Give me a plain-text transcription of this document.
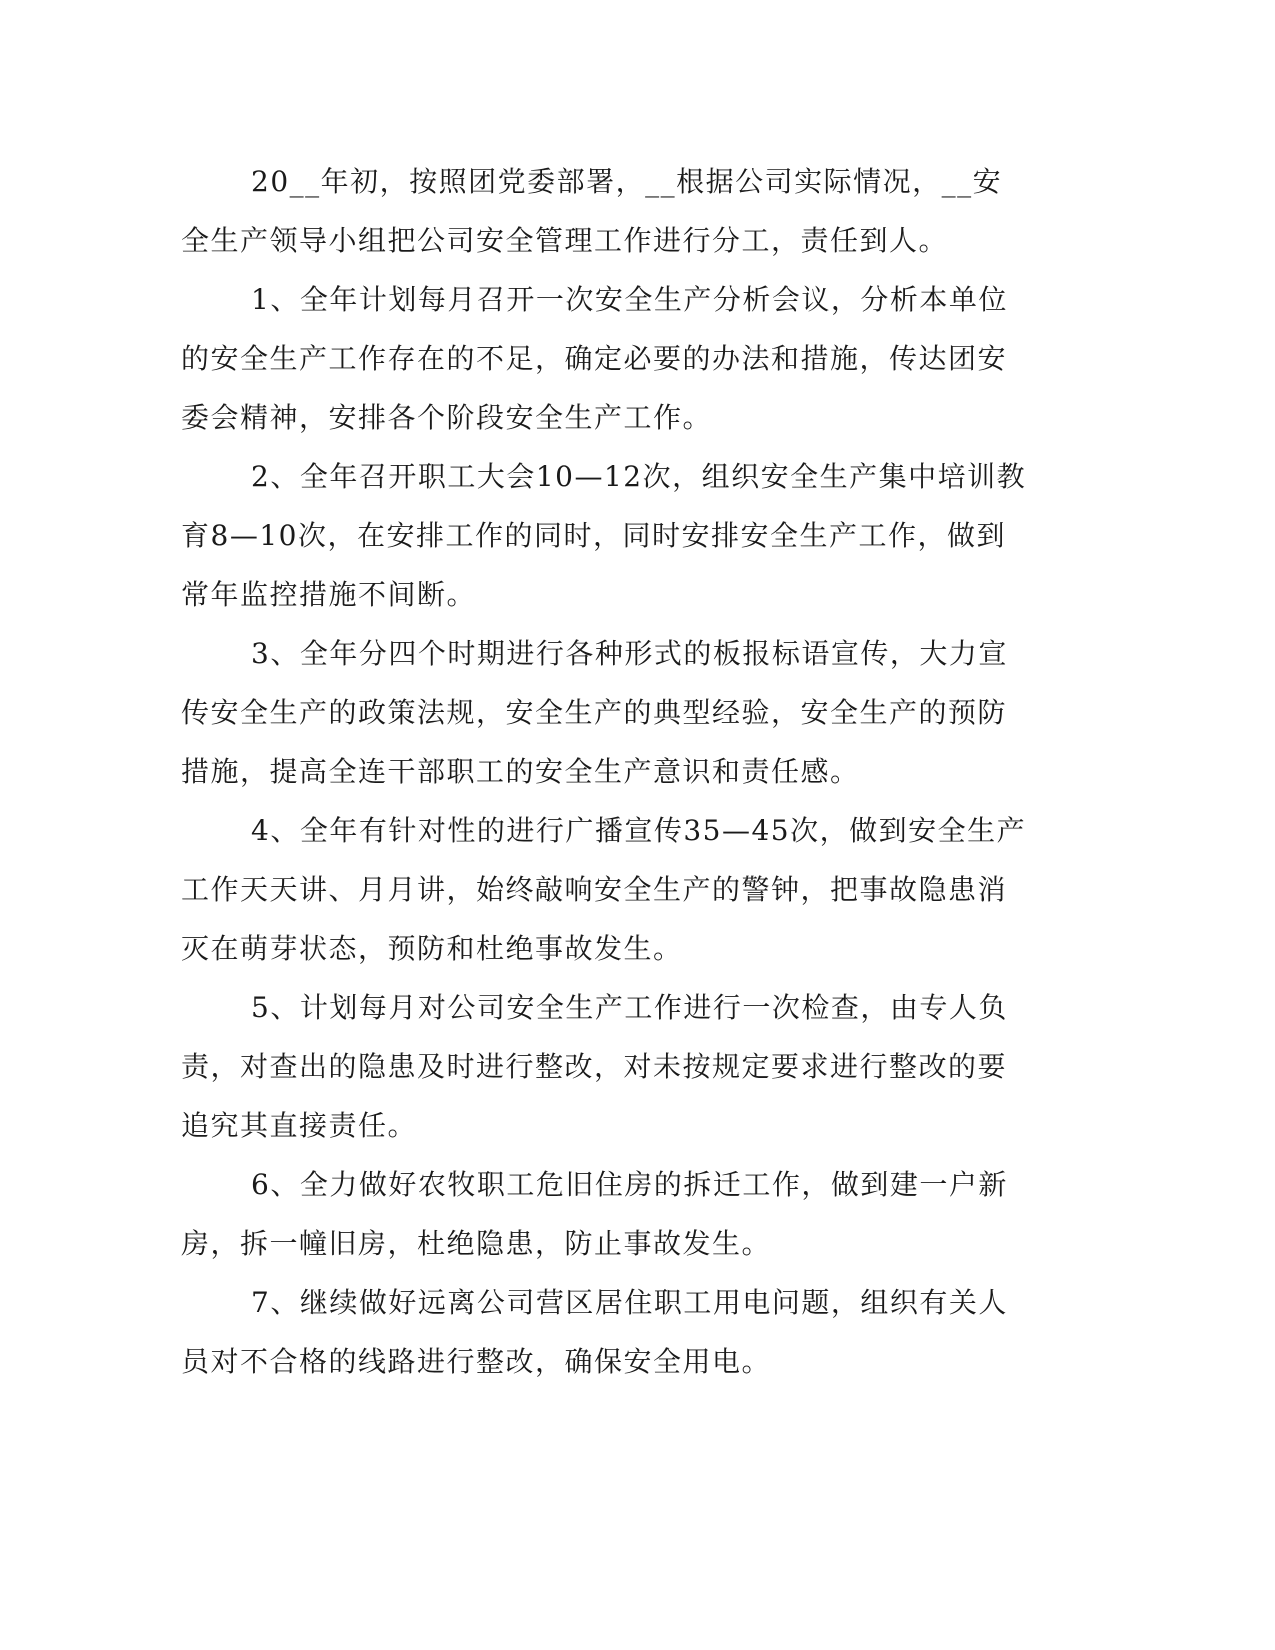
20__年初，按照团党委部署，__根据公司实际情况，__安全生产领导小组把公司安全管理工作进行分工，责任到人。

1、全年计划每月召开一次安全生产分析会议，分析本单位的安全生产工作存在的不足，确定必要的办法和措施，传达团安委会精神，安排各个阶段安全生产工作。

2、全年召开职工大会10—12次，组织安全生产集中培训教育8—10次，在安排工作的同时，同时安排安全生产工作，做到常年监控措施不间断。

3、全年分四个时期进行各种形式的板报标语宣传，大力宣传安全生产的政策法规，安全生产的典型经验，安全生产的预防措施，提高全连干部职工的安全生产意识和责任感。

4、全年有针对性的进行广播宣传35—45次，做到安全生产工作天天讲、月月讲，始终敲响安全生产的警钟，把事故隐患消灭在萌芽状态，预防和杜绝事故发生。

5、计划每月对公司安全生产工作进行一次检查，由专人负责，对查出的隐患及时进行整改，对未按规定要求进行整改的要追究其直接责任。

6、全力做好农牧职工危旧住房的拆迁工作，做到建一户新房，拆一幢旧房，杜绝隐患，防止事故发生。

7、继续做好远离公司营区居住职工用电问题，组织有关人员对不合格的线路进行整改，确保安全用电。
